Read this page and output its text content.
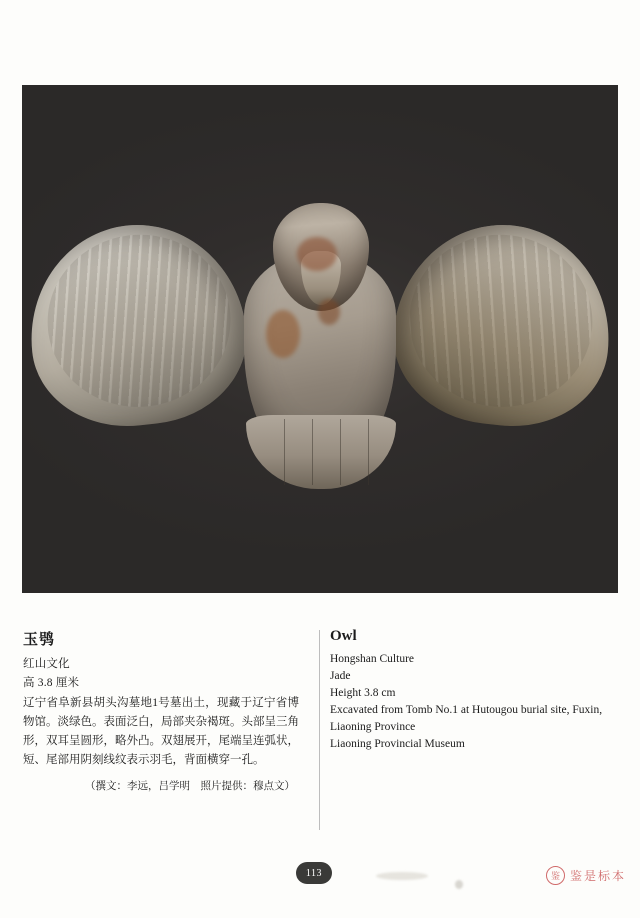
玉鸮
红山文化
高 3.8 厘米
辽宁省阜新县胡头沟墓地1号墓出土，现藏于辽宁省博物馆。淡绿色。表面泛白，局部夹杂褐斑。头部呈三角形，双耳呈圆形，略外凸。双翅展开，尾端呈连弧状，短、尾部用阴刻线纹表示羽毛，背面横穿一孔。
（撰文：李远，吕学明　照片提供：穆点文）
Owl
Hongshan Culture
Jade
Height 3.8 cm
Excavated from Tomb No.1 at Hutougou burial site, Fuxin,
Liaoning Province
Liaoning Provincial Museum
113	鉴 鉴是标本
